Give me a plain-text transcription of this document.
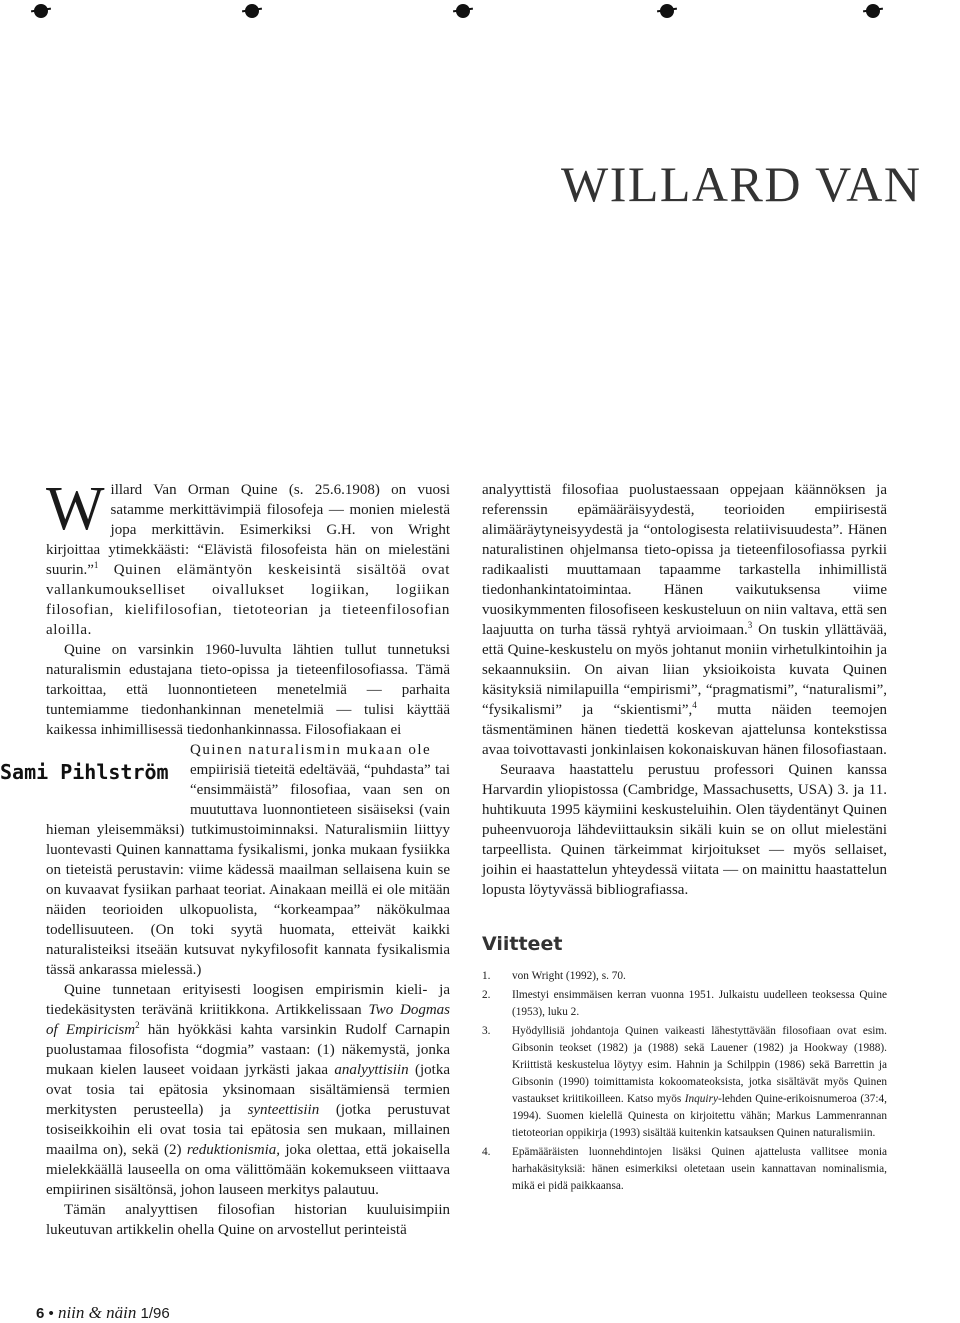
WILLARD VAN
Sami Pihlström

Willard Van Orman Quine (s. 25.6.1908) on vuosi satamme merkittävimpiä filosofeja — monien mielestä jopa merkittävin. Esimerkiksi G.H. von Wright kirjoittaa ytimekkäästi: “Elävistä filosofeista hän on mielestäni suurin.”$^1$ Quinen elämäntyön keskeisintä sisältöä ovat vallankumoukselliset oivallukset logiikan, logiikan filosofian, kielifilosofian, tietoteorian ja tieteenfilosofian aloilla.

Quine on varsinkin 1960-luvulta lähtien tullut tunnetuksi naturalismin edustajana tieto-opissa ja tieteenfilosofiassa. Tämä tarkoittaa, että luonnontieteen menetelmiä — parhaita tuntemiamme tiedonhankinnan menetelmiä — tulisi käyttää kaikessa inhimillisessä tiedonhankinnassa. Filosofiakaan ei

Quinen naturalismin mukaan ole

empiirisiä tieteitä edeltävää, “puhdasta” tai “ensimmäistä” filosofiaa, vaan sen on muututtava luonnontieteen sisäiseksi (vain hieman yleisemmäksi) tutkimustoiminnaksi. Naturalismiin liittyy luontevasti Quinen kannattama fysikalismi, jonka mukaan fysiikka on tieteistä perustavin: viime kädessä maailman sellaisena kuin se on kuvaavat fysiikan parhaat teoriat. Ainakaan meillä ei ole mitään näiden teorioiden ulkopuolista, “korkeampaa” näkökulmaa todellisuuteen. (On toki syytä huomata, etteivät kaikki naturalisteiksi itseään kutsuvat nykyfilosofit kannata fysikalismia tässä ankarassa mielessä.)

Quine tunnetaan erityisesti loogisen empirismin kieli- ja tiedekäsitysten terävänä kriitikkona. Artikkelissaan Two Dogmas of Empiricism$^2$ hän hyökkäsi kahta varsinkin Rudolf Carnapin puolustamaa filosofista “dogmia” vastaan: (1) näkemystä, jonka mukaan kielen lauseet voidaan jyrkästi jakaa analyyttisiin (jotka ovat tosia tai epätosia yksinomaan sisältämiensä termien merkitysten perusteella) ja synteettisiin (jotka perustuvat tosiseikkoihin eli ovat tosia tai epätosia sen mukaan, millainen maailma on), sekä (2) reduktionismia, joka olettaa, että jokaisella mielekkäällä lauseella on oma välittömään kokemukseen viittaava empiirinen sisältönsä, johon lauseen merkitys palautuu.

Tämän analyyttisen filosofian historian kuuluisimpiin lukeutuvan artikkelin ohella Quine on arvostellut perinteistä

analyyttistä filosofiaa puolustaessaan oppejaan käännöksen ja referenssin epämääräisyydestä, teorioiden empiirisestä alimääräytyneisyydestä ja “ontologisesta relatiivisuudesta”. Hänen naturalistinen ohjelmansa tieto-opissa ja tieteenfilosofiassa pyrkii radikaalisti muuttamaan tapaamme tarkastella inhimillistä tiedonhankintatoimintaa. Hänen vaikutuksensa viime vuosikymmenten filosofiseen keskusteluun on niin valtava, että sen laajuutta on turha tässä ryhtyä arvioimaan.$^3$ On tuskin yllättävää, että Quine-keskustelu on myös johtanut moniin virhetulkintoihin ja sekaannuksiin. On aivan liian yksioikoista kuvata Quinen käsityksiä nimilapuilla “empirismi”, “pragmatismi”, “naturalismi”, “fysikalismi” ja “skientismi”,$^4$ mutta näiden teemojen täsmentäminen hänen tiedettä koskevan ajattelunsa kontekstissa avaa toivottavasti jonkinlaisen kokonaiskuvan hänen filosofiastaan.

Seuraava haastattelu perustuu professori Quinen kanssa Harvardin yliopistossa (Cambridge, Massachusetts, USA) 3. ja 11. huhtikuuta 1995 käymiini keskusteluihin. Olen täydentänyt Quinen puheenvuoroja lähdeviittauksin sikäli kuin se on ollut mielestäni tarpeellista. Quinen tärkeimmat kirjoitukset — myös sellaiset, joihin ei haastattelun yhteydessä viitata — on mainittu haastattelun lopusta löytyvässä bibliografiassa.

Viitteet
1. von Wright (1992), s. 70.
2. Ilmestyi ensimmäisen kerran vuonna 1951. Julkaistu uudelleen teoksessa Quine (1953), luku 2.
3. Hyödyllisiä johdantoja Quinen vaikeasti lähestyttävään filosofiaan ovat esim. Gibsonin teokset (1982) ja (1988) sekä Lauener (1982) ja Hookway (1988). Kriittistä keskustelua löytyy esim. Hahnin ja Schilppin (1986) sekä Barrettin ja Gibsonin (1990) toimittamista kokoomateoksista, jotka sisältävät myös Quinen vastaukset kriitikoilleen. Katso myös Inquiry-lehden Quine-erikoisnumeroa (37:4, 1994). Suomen kielellä Quinesta on kirjoitettu vähän; Markus Lammenrannan tietoteorian oppikirja (1993) sisältää kuitenkin katsauksen Quinen naturalismiin.
4. Epämääräisten luonnehdintojen lisäksi Quinen ajattelusta vallitsee monia harhakäsityksiä: hänen esimerkiksi oletetaan usein kannattavan nominalismia, mikä ei pidä paikkaansa.
6 • niin & näin 1/96
